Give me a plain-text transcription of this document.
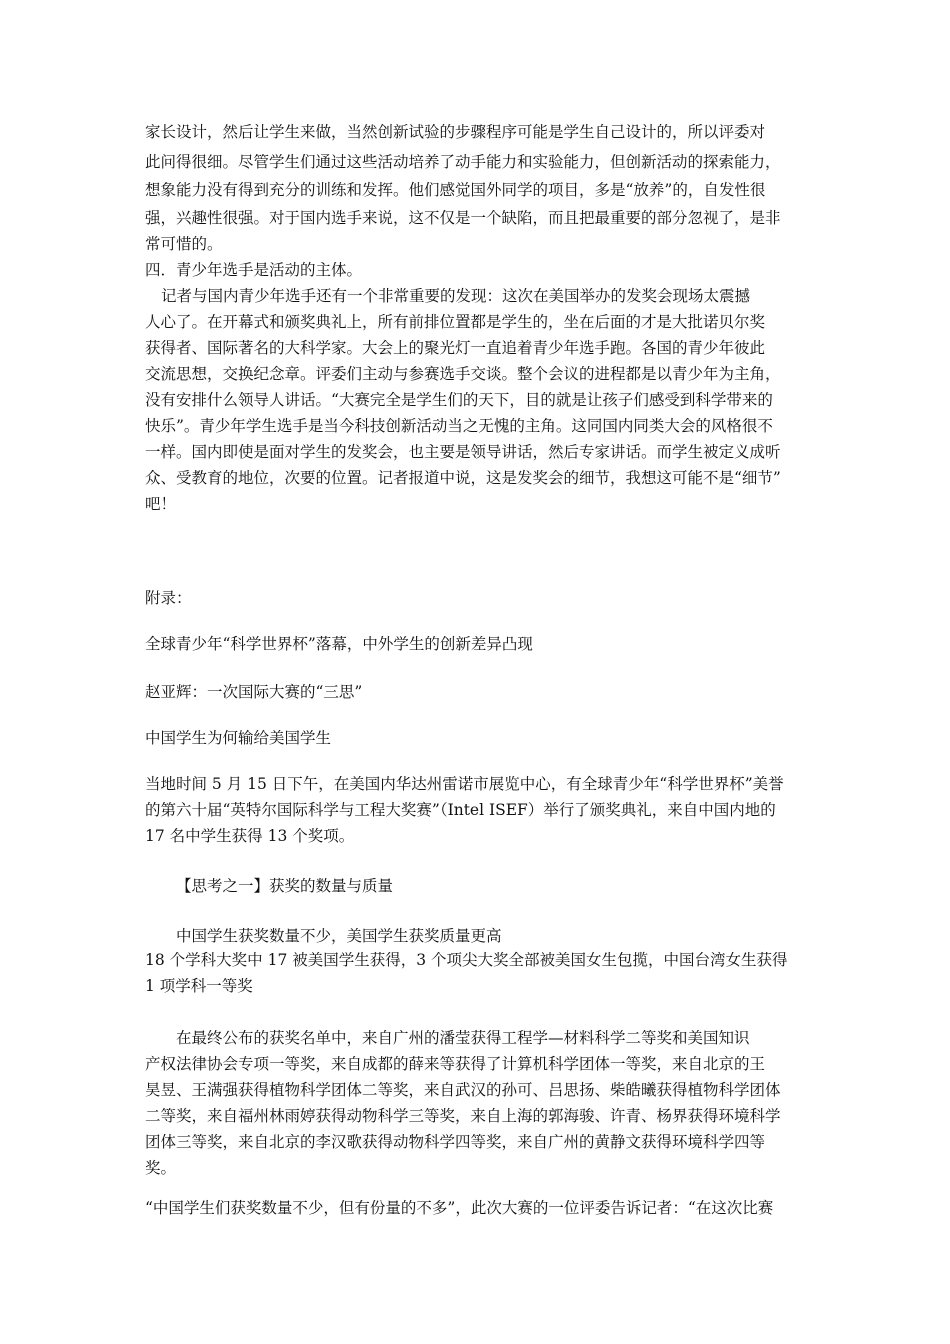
家长设计，然后让学生来做，当然创新试验的步骤程序可能是学生自己设计的，所以评委对
此问得很细。尽管学生们通过这些活动培养了动手能力和实验能力，但创新活动的探索能力，
想象能力没有得到充分的训练和发挥。他们感觉国外同学的项目，多是“放养”的，自发性很
强，兴趣性很强。对于国内选手来说，这不仅是一个缺陷，而且把最重要的部分忽视了，是非
常可惜的。
四．青少年选手是活动的主体。
记者与国内青少年选手还有一个非常重要的发现：这次在美国举办的发奖会现场太震撼
人心了。在开幕式和颁奖典礼上，所有前排位置都是学生的，坐在后面的才是大批诺贝尔奖
获得者、国际著名的大科学家。大会上的聚光灯一直追着青少年选手跑。各国的青少年彼此
交流思想，交换纪念章。评委们主动与参赛选手交谈。整个会议的进程都是以青少年为主角，
没有安排什么领导人讲话。“大赛完全是学生们的天下，目的就是让孩子们感受到科学带来的
快乐”。青少年学生选手是当今科技创新活动当之无愧的主角。这同国内同类大会的风格很不
一样。国内即使是面对学生的发奖会，也主要是领导讲话，然后专家讲话。而学生被定义成听
众、受教育的地位，次要的位置。记者报道中说，这是发奖会的细节，我想这可能不是“细节”
吧！
附录：
全球青少年“科学世界杯”落幕，中外学生的创新差异凸现
赵亚辉：一次国际大赛的“三思”
中国学生为何输给美国学生
当地时间 5 月 15 日下午，在美国内华达州雷诺市展览中心，有全球青少年“科学世界杯”美誉
的第六十届“英特尔国际科学与工程大奖赛”（Intel ISEF）举行了颁奖典礼，来自中国内地的
17 名中学生获得 13 个奖项。
【思考之一】获奖的数量与质量
中国学生获奖数量不少，美国学生获奖质量更高
18 个学科大奖中 17 被美国学生获得，3 个项尖大奖全部被美国女生包揽，中国台湾女生获得
1 项学科一等奖
在最终公布的获奖名单中，来自广州的潘莹获得工程学—材料科学二等奖和美国知识
产权法律协会专项一等奖，来自成都的薛来等获得了计算机科学团体一等奖，来自北京的王
昊昱、王满强获得植物科学团体二等奖，来自武汉的孙可、吕思扬、柴皓曦获得植物科学团体
二等奖，来自福州林雨婷获得动物科学三等奖，来自上海的郭海骏、许青、杨界获得环境科学
团体三等奖，来自北京的李汉歌获得动物科学四等奖，来自广州的黄静文获得环境科学四等
奖。
“中国学生们获奖数量不少，但有份量的不多”，此次大赛的一位评委告诉记者：“在这次比赛
